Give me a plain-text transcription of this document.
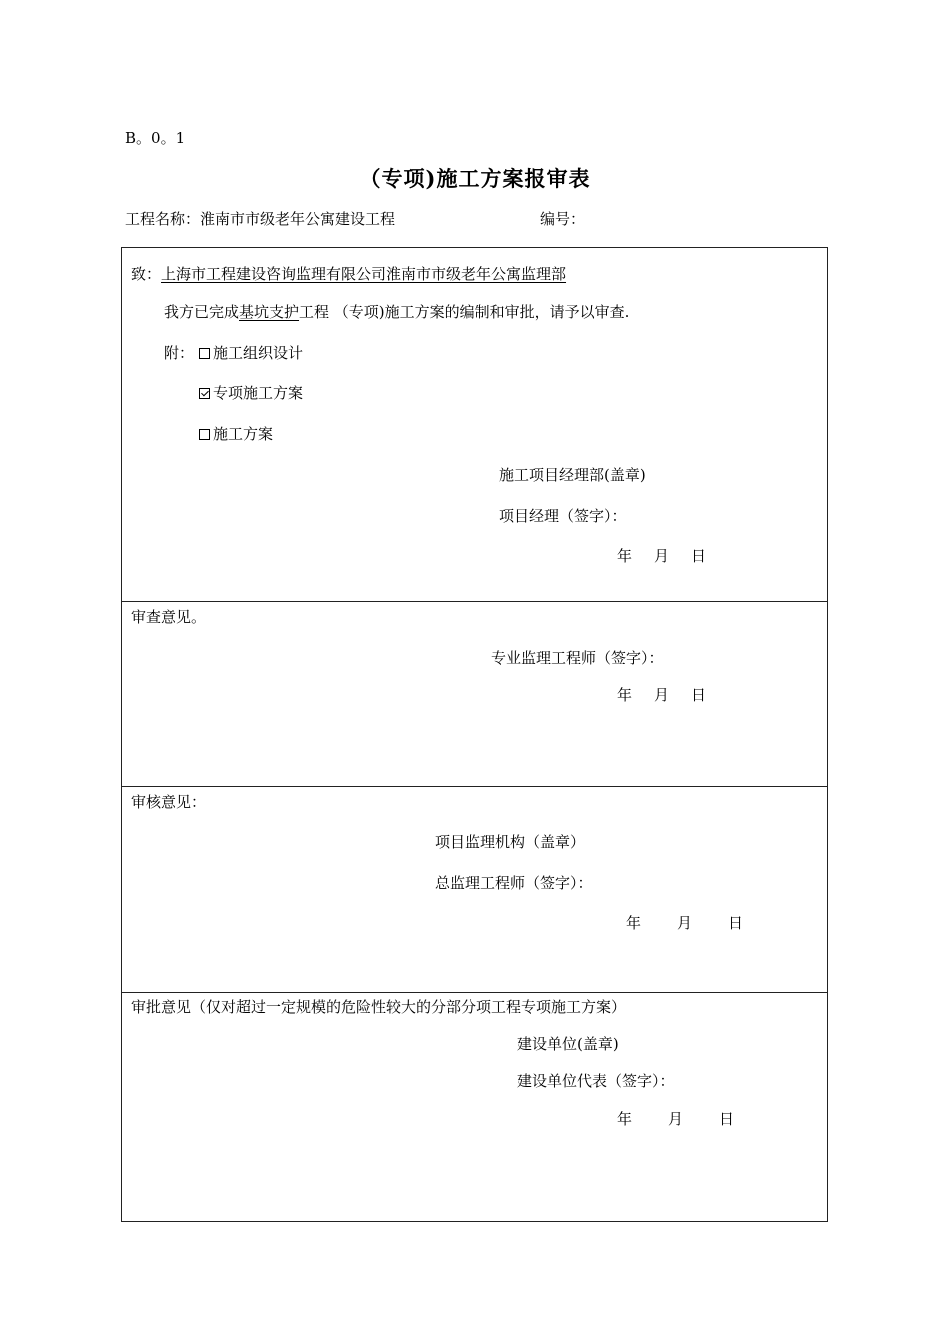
B。0。1
（专项)施工方案报审表
工程名称：淮南市市级老年公寓建设工程	编号：
致：上海市工程建设咨询监理有限公司淮南市市级老年公寓监理部
我方已完成基坑支护工程 （专项)施工方案的编制和审批，请予以审查.
附：	施工组织设计
专项施工方案
施工方案
施工项目经理部(盖章)
项目经理（签字）：
年 月 日
审查意见。
专业监理工程师（签字）：
年 月 日
审核意见：
项目监理机构（盖章）
总监理工程师（签字）：
年 月 日
审批意见（仅对超过一定规模的危险性较大的分部分项工程专项施工方案）
建设单位(盖章)
建设单位代表（签字）：
年 月 日
